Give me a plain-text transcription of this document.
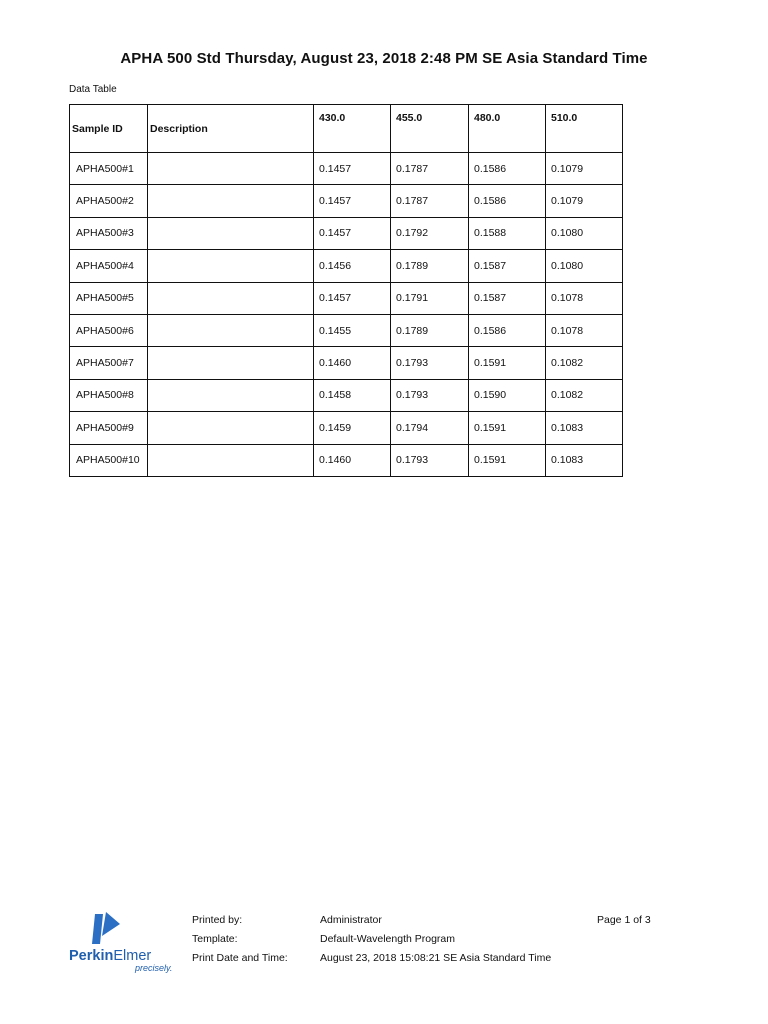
APHA 500 Std Thursday, August 23, 2018 2:48 PM SE Asia Standard Time
Data Table
Sample ID	Description	430.0	455.0	480.0	510.0
APHA500#1		0.1457	0.1787	0.1586	0.1079
APHA500#2		0.1457	0.1787	0.1586	0.1079
APHA500#3		0.1457	0.1792	0.1588	0.1080
APHA500#4		0.1456	0.1789	0.1587	0.1080
APHA500#5		0.1457	0.1791	0.1587	0.1078
APHA500#6		0.1455	0.1789	0.1586	0.1078
APHA500#7		0.1460	0.1793	0.1591	0.1082
APHA500#8		0.1458	0.1793	0.1590	0.1082
APHA500#9		0.1459	0.1794	0.1591	0.1083
APHA500#10		0.1460	0.1793	0.1591	0.1083
PerkinElmer
precisely.
Printed by:	Administrator
Template:	Default-Wavelength Program
Print Date and Time:	August 23, 2018 15:08:21 SE Asia Standard Time
Page 1 of 3
